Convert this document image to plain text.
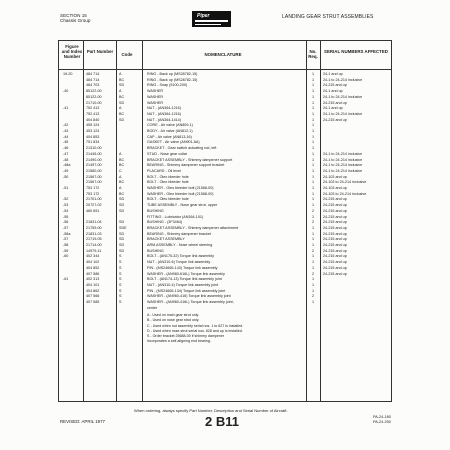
SECTION 15
Chassis Group
Piper	LANDING GEAR STRUT ASSEMBLIES
Figure and Index Number
Part Number
Code	NOMENCLATURE
No. Req.
SERIAL NUMBERS AFFECTED
19-20	484 714	A	RING - Back up (MS28782-15)	1	24-1 and up
484 714	BC	RING - Back up (MS28782-15)	1	24-1 to 24-214 inclusive
484 703	SD	RING - Snap (5100-200)	1	24-215 and up
-40	85122-00	A	WASHER	1	24-1 and up
85122-00	BC	WASHER	1	24-1 to 24-214 inclusive
21710-00	SD	WASHER	1	24-215 and up
-41	752 413	A	NUT - (AN364-1216)	1	24-1 and up
752 413	BC	NUT - (AN364-1216)	1	24-1 to 24-214 inclusive
404 840	SD	NUT - (AN364-1414)	1	24-215 and up
-42	455 124	CORE - Air valve (AN809-1)	1
-43	453 124	BODY - Air valve (AN812-1)	1
-44	404 853	CAP - Air valve (AN813-16)	1
-45	751 834	GASKET - Air valve (AN901-6A)	1
-46	21310-00	BRACKET - Gear switch actuating rod, left	1
-47	21445-00	A	STUD - Nose gear collar	1	24-1 to 24-214 inclusive
-48	21490-00	BC	BRACKET ASSEMBLY - Shimmy dampener support	1	24-1 to 24-214 inclusive
-48a	21497-00	BC	BEARING - Shimmy dampener support bracket	1	24-1 to 24-214 inclusive
-49	21580-00	C	PLACARD - Oil level	1	24-1 to 24-214 inclusive
-50	21567-00	A	BOLT - Oleo bleeder hole	1	24-103 and up
21567-00	BC	BOLT - Oleo bleeder hole	1	24-103 to 24-214 inclusive
-51	753 172	A	WASHER - Oleo bleeder bolt (21568-00)	1	24-103 and up
753 172	BC	WASHER - Oleo bleeder bolt (21568-00)	1	24-103 to 24-214 inclusive
-52	21701-00	SD	BOLT - Oleo bleeder hole	1	24-215 and up
-53	20727-02	SD	TUBE ASSEMBLY - Nose gear strut, upper	1	24-215 and up
-54	460 691	SD	BUSHING	2	24-215 and up
-55	FITTING - Lubricator (AN364-101)	1	24-215 and up
-56	21831-04	SD	BUSHING - (3F3464)	2	24-215 and up
-57	21759-00	SDE	BRACKET ASSEMBLY - Shimmy dampener attachment	1	24-215 and up
-58a	21831-03	SD	BEARING - Shimmy dampener bracket	1	24-215 and up
-57	21719-05	SD	BRACKET ASSEMBLY	1	24-215 and up
-58	21714-00	SD	ARM ASSEMBLY - Nose wheel steering	1	24-215 and up
-59	14979-11	SD	BUSHING	2	24-215 and up
-60	402 344	S	BOLT - (AN175-32) Torque link assembly	1	24-215 and up
404 102	S	NUT - (AN310-6) Torque link assembly	1	24-215 and up
404 852	S	PIN - (MS24665-143) Torque link assembly	1	24-215 and up
407 586	S	WASHER - (AN960-616L) Torque link assembly	2	24-215 and up
-61	402 313	S	BOLT - (AN174-13) Torque link assembly joint	1
404 101	S	NUT - (AN310-4) Torque link assembly joint	1
404 862	S	PIN - (MS24665-134) Torque link assembly joint	1
407 566	S	WASHER - (AN960-416) Torque link assembly joint	2
407 585	S	WASHER - (AN960-416L) Torque link assembly joint,	1
center
A - Used on main gear strut only.
B - Used on nose gear strut only.
C - Used when nut assembly serial nos. 1 to 627 is installed.
D - Used when nose strut serial nos. 628 and up is installed.
S - Order bracket 25688-00 if shimmy dampener
incorporates a self-aligning end bearing.
When ordering, always specify Part Number, Description and Serial Number of Aircraft.
REVISED: APRIL 1977	2 B11	PA-24-180
PA-24-250
